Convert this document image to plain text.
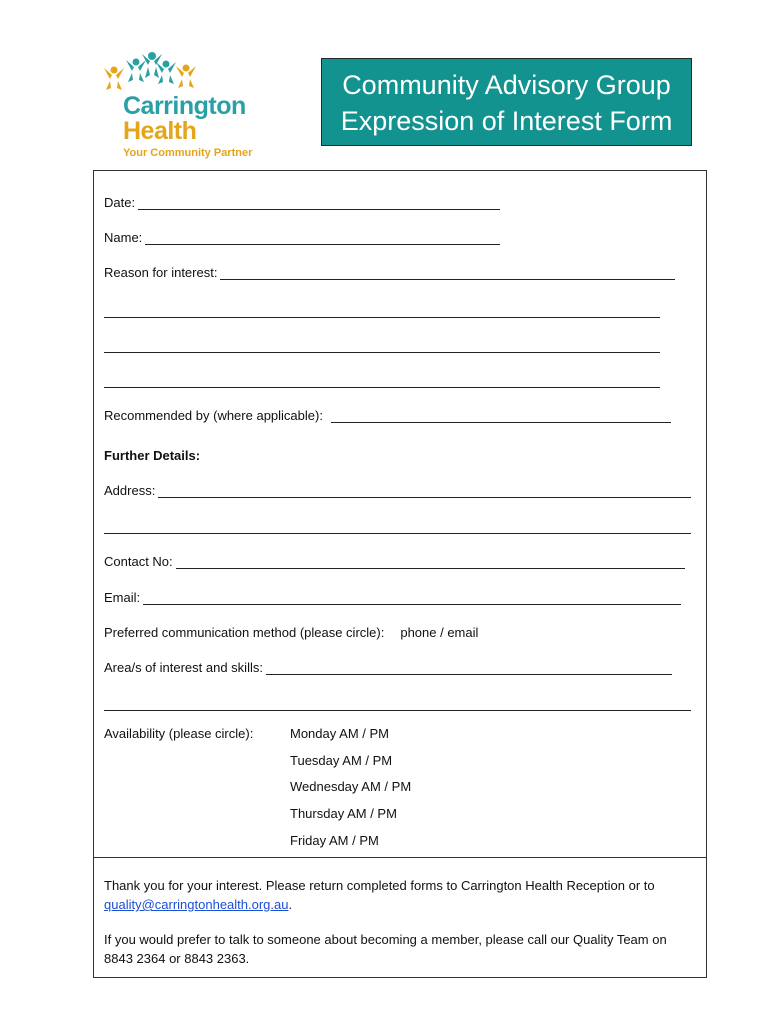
Carrington
Health
Your Community Partner
Community Advisory Group
Expression of Interest Form
Date:
Name:
Reason for interest:
Recommended by (where applicable):
Further Details:
Address:
Contact No:
Email:
Preferred communication method (please circle): phone / email
Area/s of interest and skills:
Availability (please circle):	Monday AM / PM
Tuesday AM / PM
Wednesday AM / PM
Thursday AM / PM
Friday AM / PM
Thank you for your interest. Please return completed forms to Carrington Health Reception or to quality@carringtonhealth.org.au.
If you would prefer to talk to someone about becoming a member, please call our Quality Team on 8843 2364 or 8843 2363.
